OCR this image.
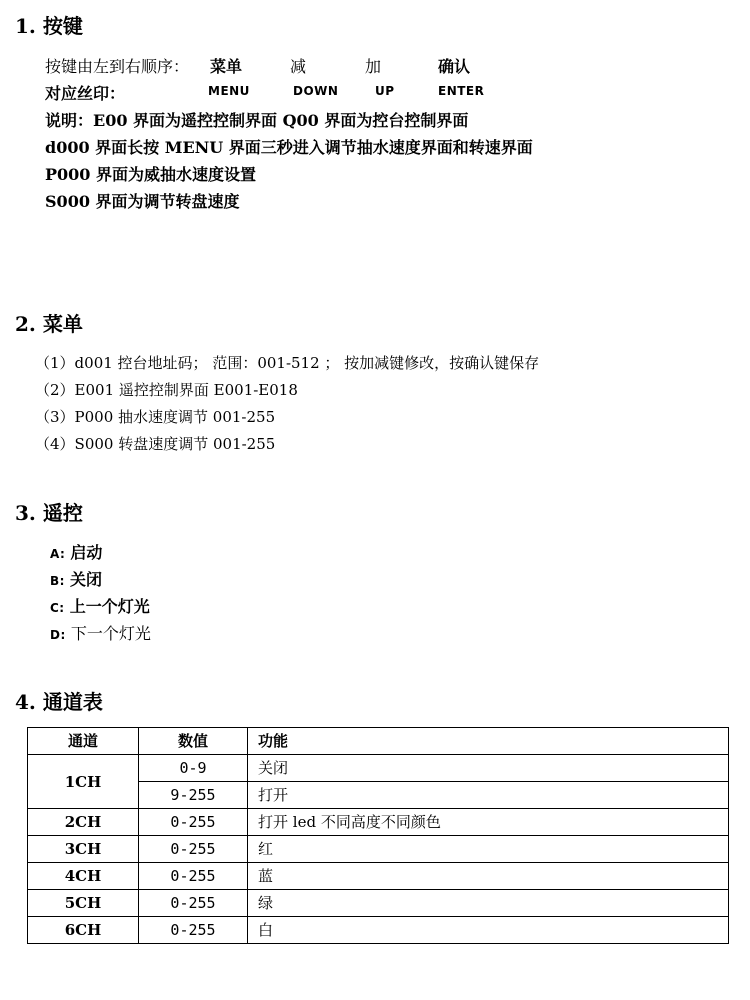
1. 按键
按键由左到右顺序： 菜单	减	加	确认
对应丝印：	MENU	DOWN	UP	ENTER
说明：E00 界面为遥控控制界面 Q00 界面为控台控制界面
d000 界面长按 MENU 界面三秒进入调节抽水速度界面和转速界面
P000 界面为威抽水速度设置
S000 界面为调节转盘速度
2. 菜单
（1）d001 控台地址码； 范围：001-512 ； 按加减键修改，按确认键保存
（2）E001 遥控控制界面 E001-E018
（3）P000 抽水速度调节 001-255
（4）S000 转盘速度调节 001-255
3. 遥控
A: 启动
B: 关闭
C: 上一个灯光
D: 下一个灯光
4. 通道表
通道	数值	功能
1CH	0-9	关闭
	9-255	打开
2CH	0-255	打开 led 不同高度不同颜色
3CH	0-255	红
4CH	0-255	蓝
5CH	0-255	绿
6CH	0-255	白
